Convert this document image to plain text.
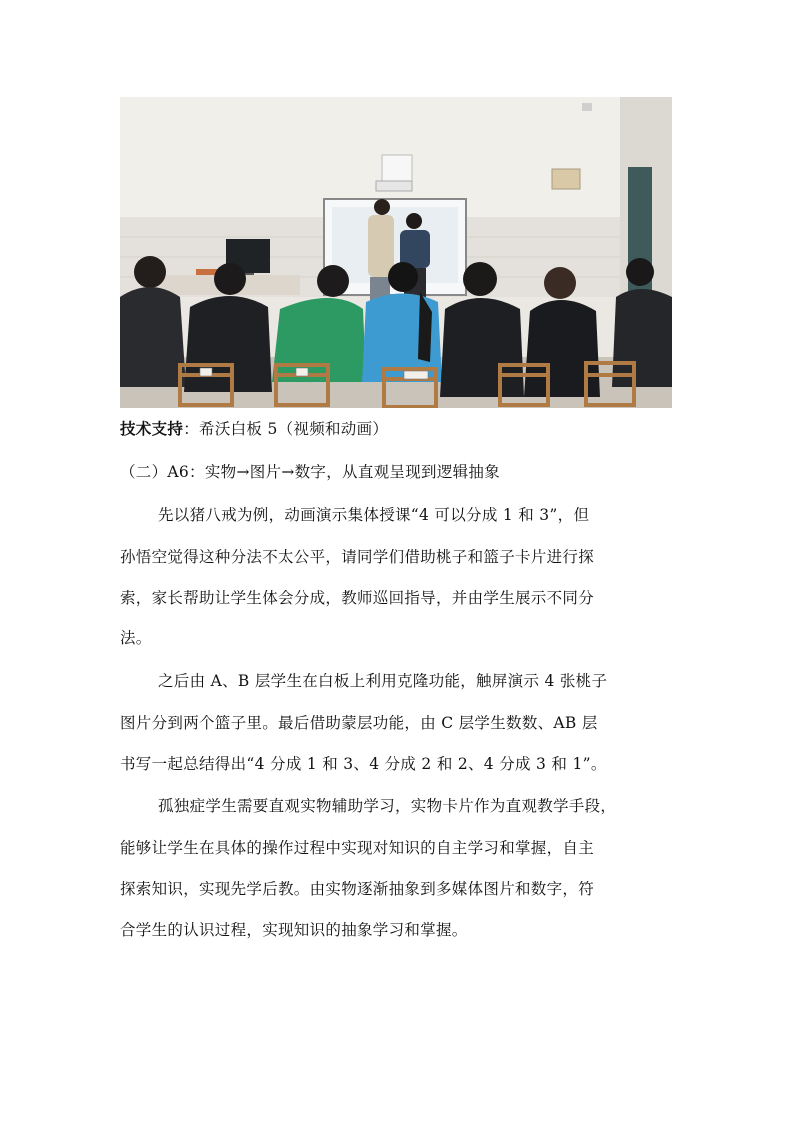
技术支持：希沃白板 5（视频和动画）
（二）A6：实物→图片→数字，从直观呈现到逻辑抽象
先以猪八戒为例，动画演示集体授课“4 可以分成 1 和 3”，但
孙悟空觉得这种分法不太公平，请同学们借助桃子和篮子卡片进行探
索，家长帮助让学生体会分成，教师巡回指导，并由学生展示不同分
法。
之后由 A、B 层学生在白板上利用克隆功能，触屏演示 4 张桃子
图片分到两个篮子里。最后借助蒙层功能，由 C 层学生数数、AB 层
书写一起总结得出“4 分成 1 和 3、4 分成 2 和 2、4 分成 3 和 1”。
孤独症学生需要直观实物辅助学习，实物卡片作为直观教学手段，
能够让学生在具体的操作过程中实现对知识的自主学习和掌握，自主
探索知识，实现先学后教。由实物逐渐抽象到多媒体图片和数字，符
合学生的认识过程，实现知识的抽象学习和掌握。
